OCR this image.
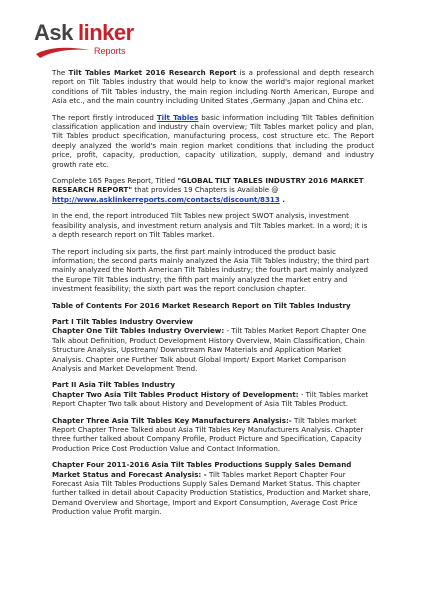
Ask linker
Reports

The Tilt Tables Market 2016 Research Report is a professional and depth research report on Tilt Tables industry that would help to know the world's major regional market conditions of Tilt Tables industry, the main region including North American, Europe and Asia etc., and the main country including United States ,Germany ,Japan and China etc.

The report firstly introduced Tilt Tables basic information including Tilt Tables definition classification application and industry chain overview; Tilt Tables market policy and plan, Tilt Tables product specification, manufacturing process, cost structure etc. The Report deeply analyzed the world's main region market conditions that including the product price, profit, capacity, production, capacity utilization, supply, demand and industry growth rate etc.

Complete 165 Pages Report, Titled "GLOBAL TILT TABLES INDUSTRY 2016 MARKET RESEARCH REPORT" that provides 19 Chapters is Available @ http://www.asklinkerreports.com/contacts/discount/8313 .

In the end, the report introduced Tilt Tables new project SWOT analysis, investment feasibility analysis, and investment return analysis and Tilt Tables market. In a word; it is a depth research report on Tilt Tables market.

The report including six parts, the first part mainly introduced the product basic information; the second parts mainly analyzed the Asia Tilt Tables industry; the third part mainly analyzed the North American Tilt Tables industry; the fourth part mainly analyzed the Europe Tilt Tables industry; the fifth part mainly analyzed the market entry and investment feasibility; the sixth part was the report conclusion chapter.

Table of Contents For 2016 Market Research Report on Tilt Tables Industry

Part I Tilt Tables Industry Overview

Chapter One Tilt Tables Industry Overview: - Tilt Tables Market Report Chapter One Talk about Definition, Product Development History Overview, Main Classification, Chain Structure Analysis, Upstream/ Downstream Raw Materials and Application Market Analysis. Chapter one Further Talk about Global Import/ Export Market Comparison Analysis and Market Development Trend.

Part II Asia Tilt Tables Industry

Chapter Two Asia Tilt Tables Product History of Development: - Tilt Tables market Report Chapter Two talk about History and Development of Asia Tilt Tables Product.

Chapter Three Asia Tilt Tables Key Manufacturers Analysis:- Tilt Tables market Report Chapter Three Talked about Asia Tilt Tables Key Manufacturers Analysis. Chapter three further talked about Company Profile, Product Picture and Specification, Capacity Production Price Cost Production Value and Contact Information.

Chapter Four 2011-2016 Asia Tilt Tables Productions Supply Sales Demand Market Status and Forecast Analysis: - Tilt Tables market Report Chapter Four Forecast Asia Tilt Tables Productions Supply Sales Demand Market Status. This chapter further talked in detail about Capacity Production Statistics, Production and Market share, Demand Overview and Shortage, Import and Export Consumption, Average Cost Price Production value Profit margin.
